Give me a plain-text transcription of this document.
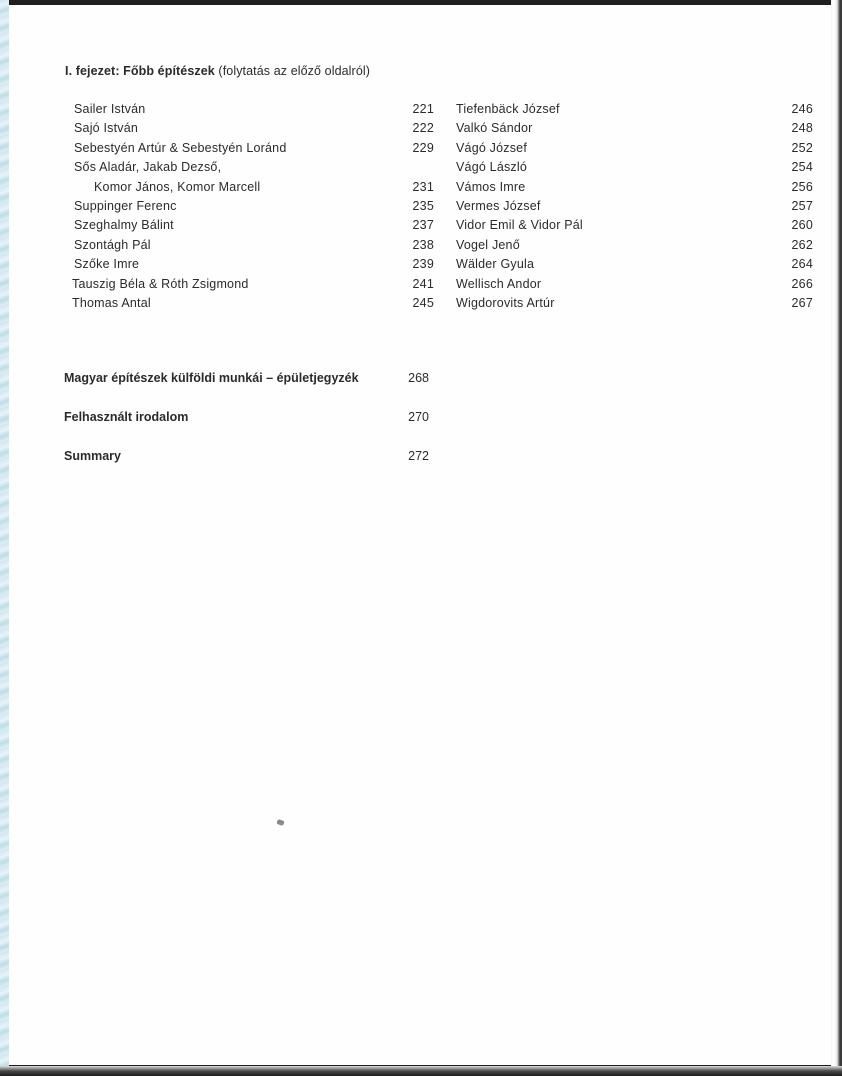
I. fejezet: Főbb építészek (folytatás az előző oldalról)
Sailer István	221
Sajó István	222
Sebestyén Artúr & Sebestyén Loránd	229
Sős Aladár, Jakab Dezső,
Komor János, Komor Marcell	231
Suppinger Ferenc	235
Szeghalmy Bálint	237
Szontágh Pál	238
Szőke Imre	239
Tauszig Béla & Róth Zsigmond	241
Thomas Antal	245
Tiefenbäck József	246
Valkó Sándor	248
Vágó József	252
Vágó László	254
Vámos Imre	256
Vermes József	257
Vidor Emil & Vidor Pál	260
Vogel Jenő	262
Wälder Gyula	264
Wellisch Andor	266
Wigdorovits Artúr	267
Magyar építészek külföldi munkái – épületjegyzék	268
Felhasznált irodalom	270
Summary	272
